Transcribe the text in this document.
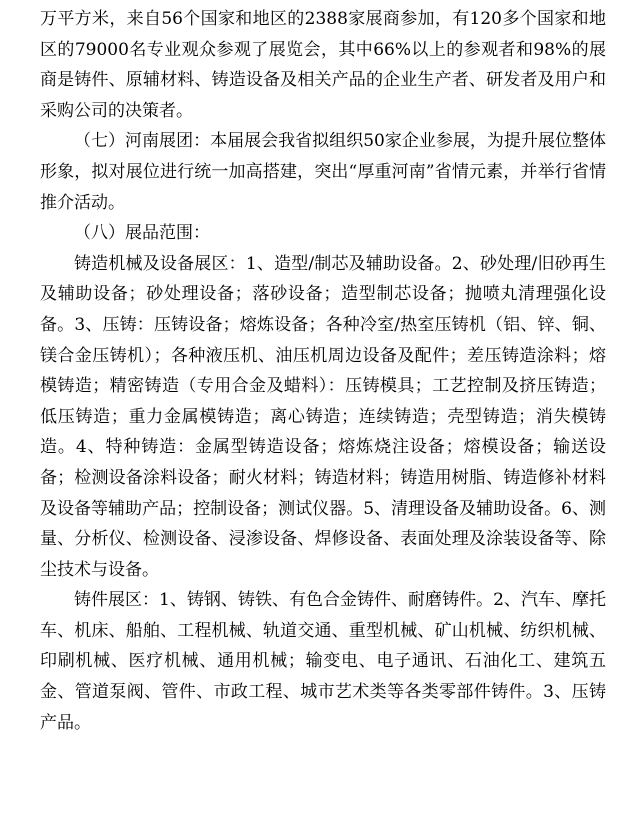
万平方米，来自56个国家和地区的2388家展商参加，有120多个国家和地区的79000名专业观众参观了展览会，其中66%以上的参观者和98%的展商是铸件、原辅材料、铸造设备及相关产品的企业生产者、研发者及用户和采购公司的决策者。

（七）河南展团：本届展会我省拟组织50家企业参展，为提升展位整体形象，拟对展位进行统一加高搭建，突出“厚重河南”省情元素，并举行省情推介活动。

（八）展品范围：

铸造机械及设备展区：1、造型/制芯及辅助设备。2、砂处理/旧砂再生及辅助设备；砂处理设备；落砂设备；造型制芯设备；抛喷丸清理强化设备。3、压铸：压铸设备；熔炼设备；各种冷室/热室压铸机（铝、锌、铜、镁合金压铸机）；各种液压机、油压机周边设备及配件；差压铸造涂料；熔模铸造；精密铸造（专用合金及蜡料）：压铸模具；工艺控制及挤压铸造；低压铸造；重力金属模铸造；离心铸造；连续铸造；壳型铸造；消失模铸造。4、特种铸造：金属型铸造设备；熔炼烧注设备；熔模设备；输送设备；检测设备涂料设备；耐火材料；铸造材料；铸造用树脂、铸造修补材料及设备等辅助产品；控制设备；测试仪器。5、清理设备及辅助设备。6、测量、分析仪、检测设备、浸渗设备、焊修设备、表面处理及涂装设备等、除尘技术与设备。

铸件展区：1、铸钢、铸铁、有色合金铸件、耐磨铸件。2、汽车、摩托车、机床、船舶、工程机械、轨道交通、重型机械、矿山机械、纺织机械、印刷机械、医疗机械、通用机械；输变电、电子通讯、石油化工、建筑五金、管道泵阀、管件、市政工程、城市艺术类等各类零部件铸件。3、压铸产品。
